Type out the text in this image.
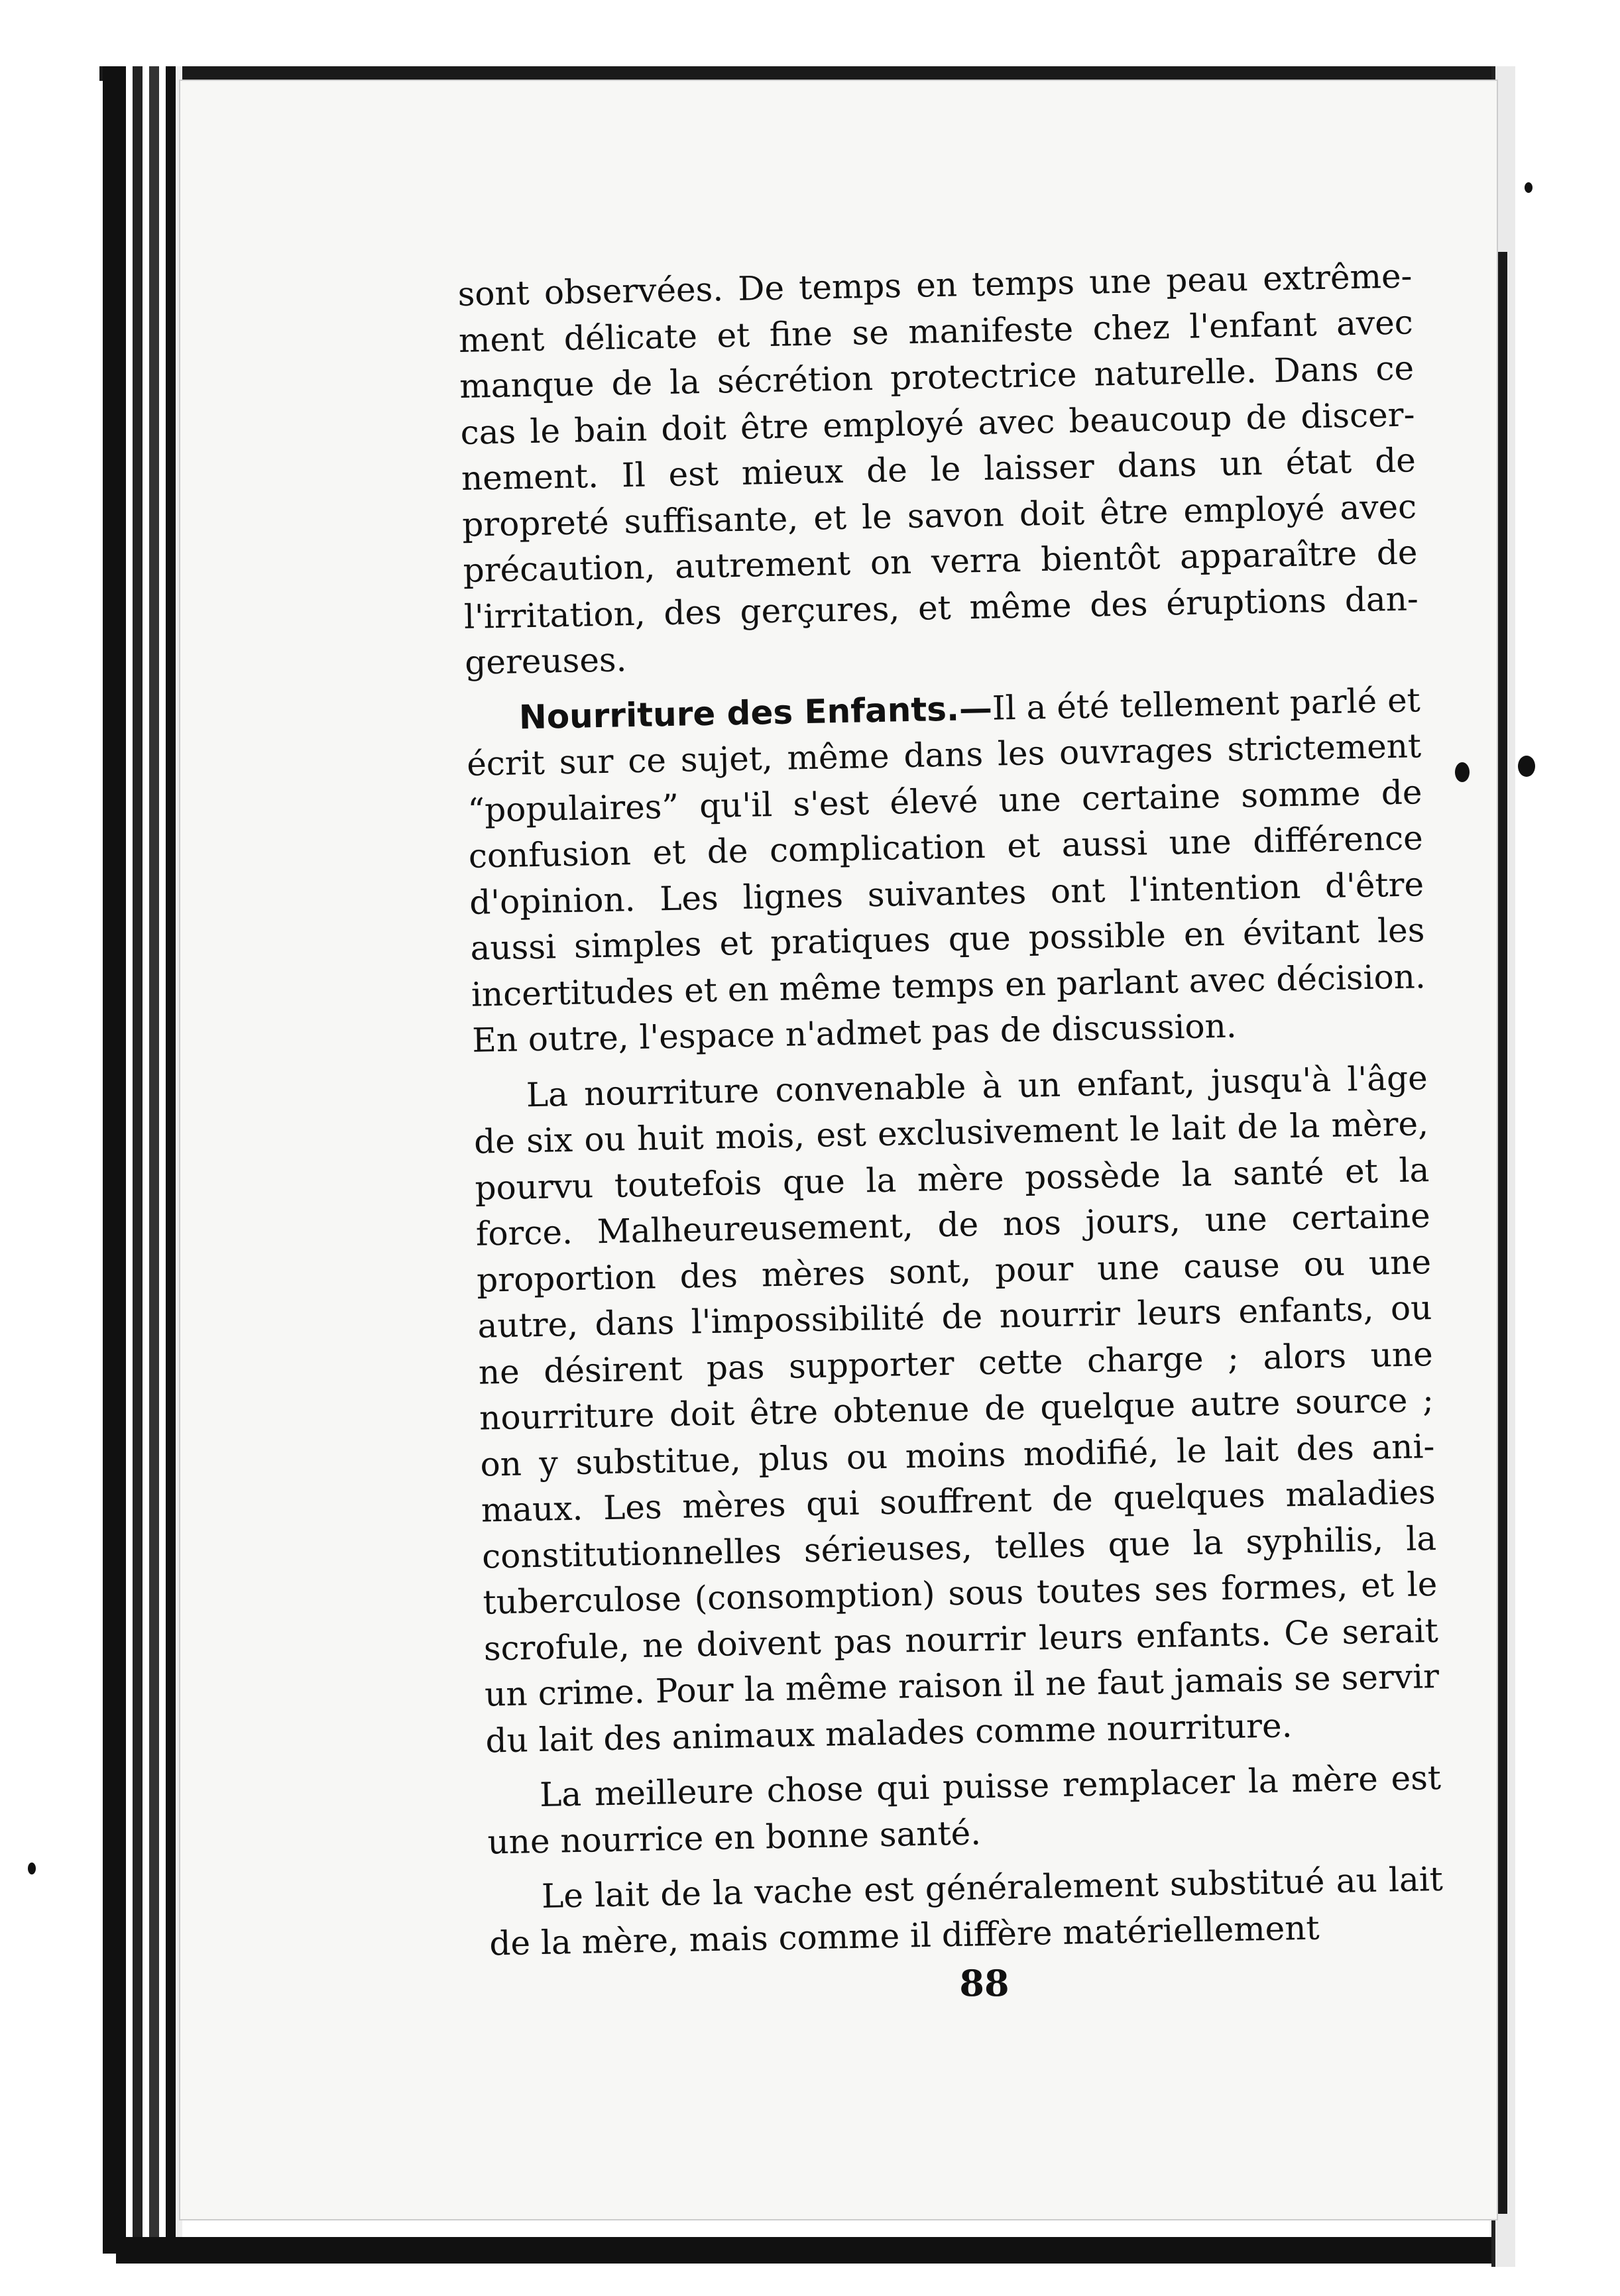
sont observées. De temps en temps une peau extrêmement délicate et fine se manifeste chez l'enfant avec manque de la sécrétion protectrice naturelle. Dans ce cas le bain doit être employé avec beaucoup de discernement. Il est mieux de le laisser dans un état de propreté suffisante, et le savon doit être employé avec précaution, autrement on verra bientôt apparaître de l'irritation, des gerçures, et même des éruptions dangereuses.

Nourriture des Enfants.—Il a été tellement parlé et écrit sur ce sujet, même dans les ouvrages strictement “populaires” qu'il s'est élevé une certaine somme de confusion et de complication et aussi une différence d'opinion. Les lignes suivantes ont l'intention d'être aussi simples et pratiques que possible en évitant les incertitudes et en même temps en parlant avec décision. En outre, l'espace n'admet pas de discussion.

La nourriture convenable à un enfant, jusqu'à l'âge de six ou huit mois, est exclusivement le lait de la mère, pourvu toutefois que la mère possède la santé et la force. Malheureusement, de nos jours, une certaine proportion des mères sont, pour une cause ou une autre, dans l'impossibilité de nourrir leurs enfants, ou ne désirent pas supporter cette charge ; alors une nourriture doit être obtenue de quelque autre source ; on y substitue, plus ou moins modifié, le lait des animaux. Les mères qui souffrent de quelques maladies constitutionnelles sérieuses, telles que la syphilis, la tuberculose (consomption) sous toutes ses formes, et le scrofule, ne doivent pas nourrir leurs enfants. Ce serait un crime. Pour la même raison il ne faut jamais se servir du lait des animaux malades comme nourriture.

La meilleure chose qui puisse remplacer la mère est une nourrice en bonne santé.

Le lait de la vache est généralement substitué au lait de la mère, mais comme il diffère matériellement

88
